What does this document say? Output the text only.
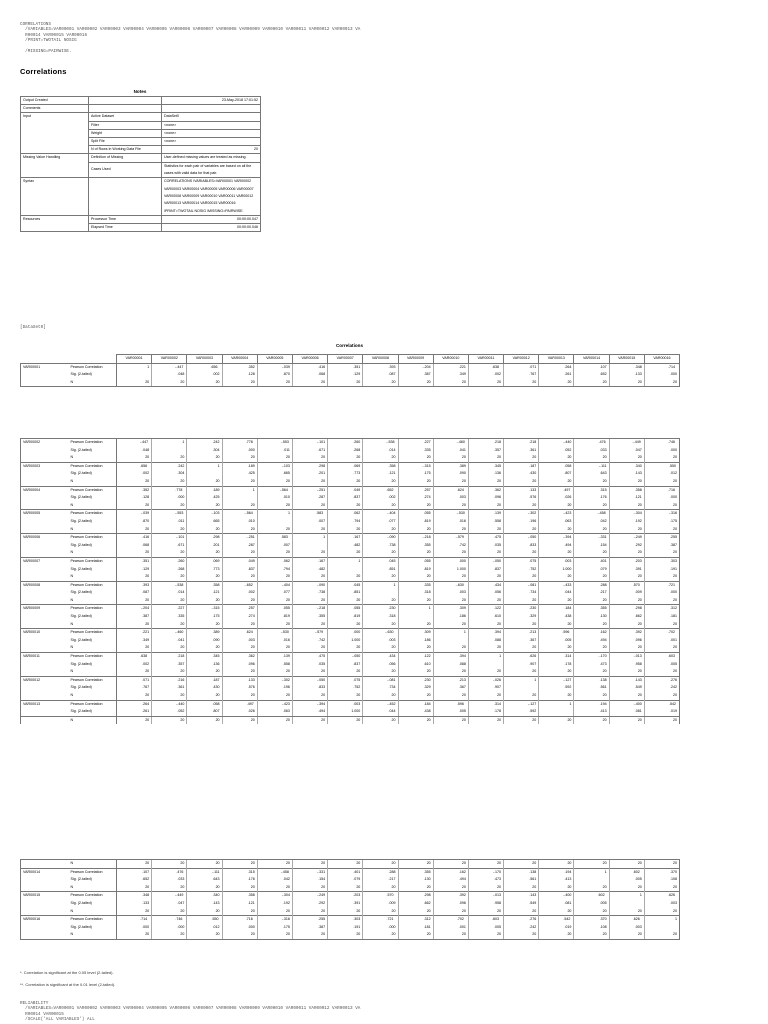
CORRELATIONS
/VARIABLES=VAR00001 VAR00002 VAR00003 VAR00004 VAR00005 VAR00006 VAR00007 VAR00008 VAR00009 VAR00010 VAR00011 VAR00012 VAR00013 VA
R00014 VAR00015 VAR00016
/PRINT=TWOTAIL NOSIG

/MISSING=PAIRWISE.
Correlations
Notes
Output Created		23-May-2018 17:01:52
Comments		
Input	Active Dataset	DataSet0
	Filter	<none>
	Weight	<none>
	Split File	<none>
	N of Rows in Working Data File	20
Missing Value Handling	Definition of Missing	User-defined missing values are treated as missing.
	Cases Used	Statistics for each pair of variables are based on all the cases with valid data for that pair.
Syntax		CORRELATIONS /VARIABLES=VAR00001 VAR00002 VAR00003 VAR00004 VAR00005 VAR00006 VAR00007 VAR00008 VAR00009 VAR00010 VAR00011 VAR00012 VAR00013 VAR00014 VAR00015 VAR00016 /PRINT=TWOTAIL NOSIG /MISSING=PAIRWISE.
Resources	Processor Time	00:00:00.047
	Elapsed Time	00:00:00.046
[DataSet0]
Correlations
		VAR00001	VAR00002	VAR00003	VAR00004	VAR00005	VAR00006	VAR00007	VAR00008	VAR00009	VAR00010	VAR00011	VAR00012	VAR00013	VAR00014	VAR00015	VAR00016
VAR00001	Pearson Correlation	1	-.447*	.656**	.352	-.039	.416	.351	.393	-.204	.221	.638**	.071	.264	.107	.348	.714**
	Sig. (2-tailed)		.048	.002	.128	.870	.068	.129	.087	.387	.349	.002	.767	.261	.652	.133	.000
	N	20	20	20	20	20	20	20	20	20	20	20	20	20	20	20	20
VAR00002	Pearson Correlation	-.447*	1	.242	.778**	-.553*	-.101	.260	-.538*	.227	-.460*	.218	.218	-.440	.476*	-.449*	.746**
	Sig. (2-tailed)	.048		.304	.000	.011	.671	.268	.014	.335	.041	.357	.361	.052	.033	.047	.000
	N	20	20	20	20	20	20	20	20	20	20	20	20	20	20	20	20
VAR00003	Pearson Correlation	.656**	.242	1	.189	-.103	.298	.069	.358	-.315	.389	.345	.187	.058	-.111	.340	.550*
	Sig. (2-tailed)	.002	.304		.425	.665	.201	.773	.121	.175	.090	.136	.430	.807	.643	.143	.012
	N	20	20	20	20	20	20	20	20	20	20	20	20	20	20	20	20
VAR00004	Pearson Correlation	.352	.778**	.189	1	-.564**	-.251	.049	.652**	.257	.624**	.362	.133	.497*	.315	.358	.716**
	Sig. (2-tailed)	.128	.000	.425		.010	.287	.837	.002	.274	.003	.096	.576	.026	.176	.121	.000
	N	20	20	20	20	20	20	20	20	20	20	20	20	20	20	20	20
VAR00005	Pearson Correlation	-.039	-.553*	-.103	-.564**	1	.583**	.062	-.404	.055	-.530*	.139	-.302	-.423	-.458*	-.304	-.316
	Sig. (2-tailed)	.870	.011	.665	.010		.007	.794	.077	.819	.016	.558	.196	.063	.042	.192	.175
	N	20	20	20	20	20	20	20	20	20	20	20	20	20	20	20	20
VAR00006	Pearson Correlation	.416	-.101	.298	-.251	.583**	1	.167	-.090	-.218	-.579**	.475	-.050	-.394	-.331	-.249	.255
	Sig. (2-tailed)	.068	.671	.201	.287	.007		.482	.738	.355	.742	.035	.833	.494	.154	.292	.387
	N	20	20	20	20	20	20	20	20	20	20	20	20	20	20	20	20
VAR00007	Pearson Correlation	.351	.260	.069	.049	.062	.167	1	.045	.055	.000	-.050	.075	.003	.401	.203	.303
	Sig. (2-tailed)	.129	.268	.773	.837	.794	.482		.851	.819	1.000	.837	.752	1.000	.079	.391	.191
	N	20	20	20	20	20	20	20	20	20	20	20	20	20	20	20	20
VAR00008	Pearson Correlation	.393	-.538*	.358	-.652**	-.404	-.090	.045	1	.335	-.630**	.434	-.081	-.433	.288	.570**	.721**
	Sig. (2-tailed)	.087	.014	.121	.002	.077	.738	.851		.318	.003	.056	.734	.044	.217	.009	.000
	N	20	20	20	20	20	20	20	20	20	20	20	20	20	20	20	20
VAR00009	Pearson Correlation	-.204	.227	-.315	.257	.055	-.218	.055	.230	1	.309	.122	.230	.184	.355	.298	.312
	Sig. (2-tailed)	.387	.335	.175	.274	.819	.355	.819	.318		.186	.610	.329	.438	.130	.662	.181
	N	20	20	20	20	20	20	20	20	20	20	20	20	20	20	20	20
VAR00010	Pearson Correlation	.221	-.460*	.389	.624**	-.530*	-.579**	.000	-.630**	.309	1	.394	.213	.596**	.162	.392	.702**
	Sig. (2-tailed)	.349	.041	.090	.003	.016	.742	1.000	.003	.186		.088	.367	.005	.494	.096	.001
	N	20	20	20	20	20	20	20	20	20	20	20	20	20	20	20	20
VAR00011	Pearson Correlation	.638**	.218	.345	.362	.139	.475	-.050	.434	.122	.394	1	.626	.314	-.170	-.013	.603**
	Sig. (2-tailed)	.002	.357	.136	.096	.558	.035	.837	.056	.610	.088		.907	.178	.473	.958	.005
	N	20	20	20	20	20	20	20	20	20	20	20	20	20	20	20	20
VAR00012	Pearson Correlation	.071	.216	.187	.133	-.302	-.050	.075	-.081	.230	.213	-.026	1	-.127	.138	.143	.276
	Sig. (2-tailed)	.767	.361	.430	.576	.196	.833	.752	.734	.329	.367	.907		.592	.561	.549	.242
	N	20	20	20	20	20	20	20	20	20	20	20	20	20	20	20	20
VAR00013	Pearson Correlation	.264	-.440	.058	.497*	-.423	-.394	.003	-.452	.184	.596**	.314	-.127	1	.194	-.400	.542*
	Sig. (2-tailed)	.261	.052	.807	.026	.063	.494	1.000	.044	.438	.005	.178	.592		.413	.081	.019
	N	20	20	20	20	20	20	20	20	20	20	20	20	20	20	20	20
	N	20	20	20	20	20	20	20	20	20	20	20	20	20	20	20	20
VAR00014	Pearson Correlation	.107	.476*	-.111	.315	-.458*	-.331	.401	.288	.355	.162	-.170	.138	.194	1	.602**	.370
	Sig. (2-tailed)	.652	.033	.643	.176	.042	.154	.079	.217	.130	.494	.473	.561	.413		.005	.108
	N	20	20	20	20	20	20	20	20	20	20	20	20	20	20	20	20
VAR00015	Pearson Correlation	.348	-.449*	.340	.358	-.304	-.249	.203	.570**	.298	.392	-.013	.143	-.400	.602**	1	.626**
	Sig. (2-tailed)	.133	.047	.143	.121	.192	.292	.391	.009	.662	.096	.958	.549	.081	.005		.003
	N	20	20	20	20	20	20	20	20	20	20	20	20	20	20	20	20
VAR00016	Pearson Correlation	.714**	.746**	.550*	.716**	-.316	.255	.303	.721**	.312	.702**	.603**	.276	.542*	.370	.626**	1
	Sig. (2-tailed)	.000	.000	.012	.000	.175	.387	.191	.000	.181	.001	.005	.242	.019	.108	.003	
	N	20	20	20	20	20	20	20	20	20	20	20	20	20	20	20	20
*. Correlation is significant at the 0.05 level (2-tailed).
**. Correlation is significant at the 0.01 level (2-tailed).
RELIABILITY
/VARIABLES=VAR00001 VAR00002 VAR00003 VAR00004 VAR00005 VAR00006 VAR00007 VAR00008 VAR00009 VAR00010 VAR00011 VAR00012 VAR00013 VA
R00014 VAR00015
/SCALE('ALL VARIABLES') ALL
